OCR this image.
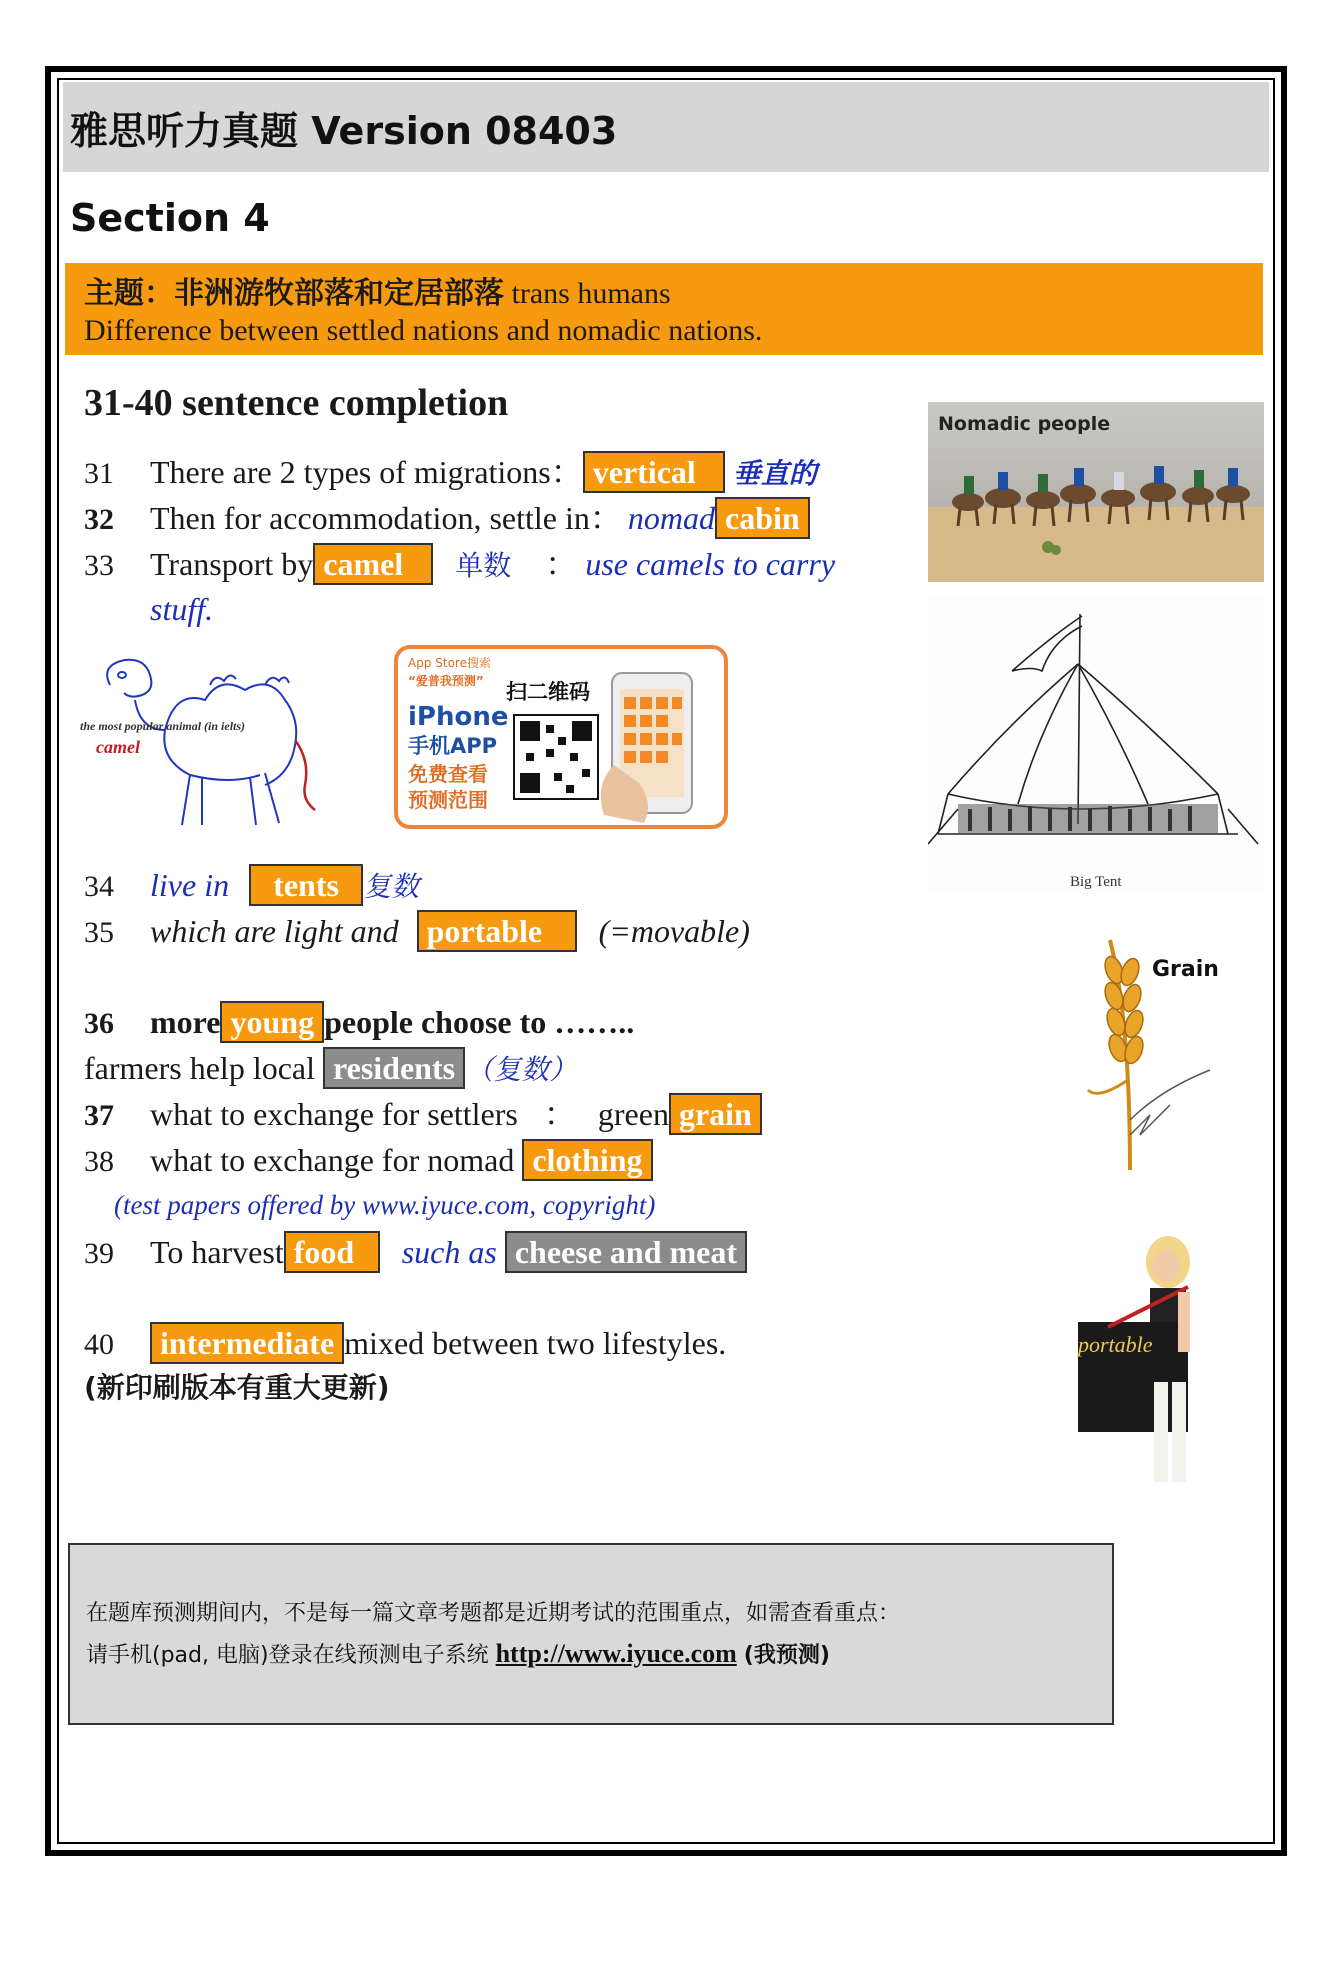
雅思听力真题 Version 08403
Section 4
主题：非洲游牧部落和定居部落 trans humans
Difference between settled nations and nomadic nations.
31-40 sentence completion
31 There are 2 types of migrations： vertical 垂直的
32 Then for accommodation, settle in： nomad cabin
33 Transport by camel 单数 ： use camels to carry
stuff.
34 live in tents 复数
35 which are light and portable (=movable)
36 more young people choose to ……..
farmers help local residents （复数）
37 what to exchange for settlers ： green grain
38 what to exchange for nomad clothing
(test papers offered by www.iyuce.com, copyright)
39 To harvest food such as cheese and meat
40 intermediate mixed between two lifestyles.
(新印刷版本有重大更新)
Nomadic people
the most popular animal (in ielts)
camel
App Store搜索
“爱普我预测”
iPhone
手机APP
免费查看
预测范围
扫二维码
Big Tent
Grain
portable
在题库预测期间内，不是每一篇文章考题都是近期考试的范围重点，如需查看重点：
请手机(pad, 电脑)登录在线预测电子系统 http://www.iyuce.com (我预测)
